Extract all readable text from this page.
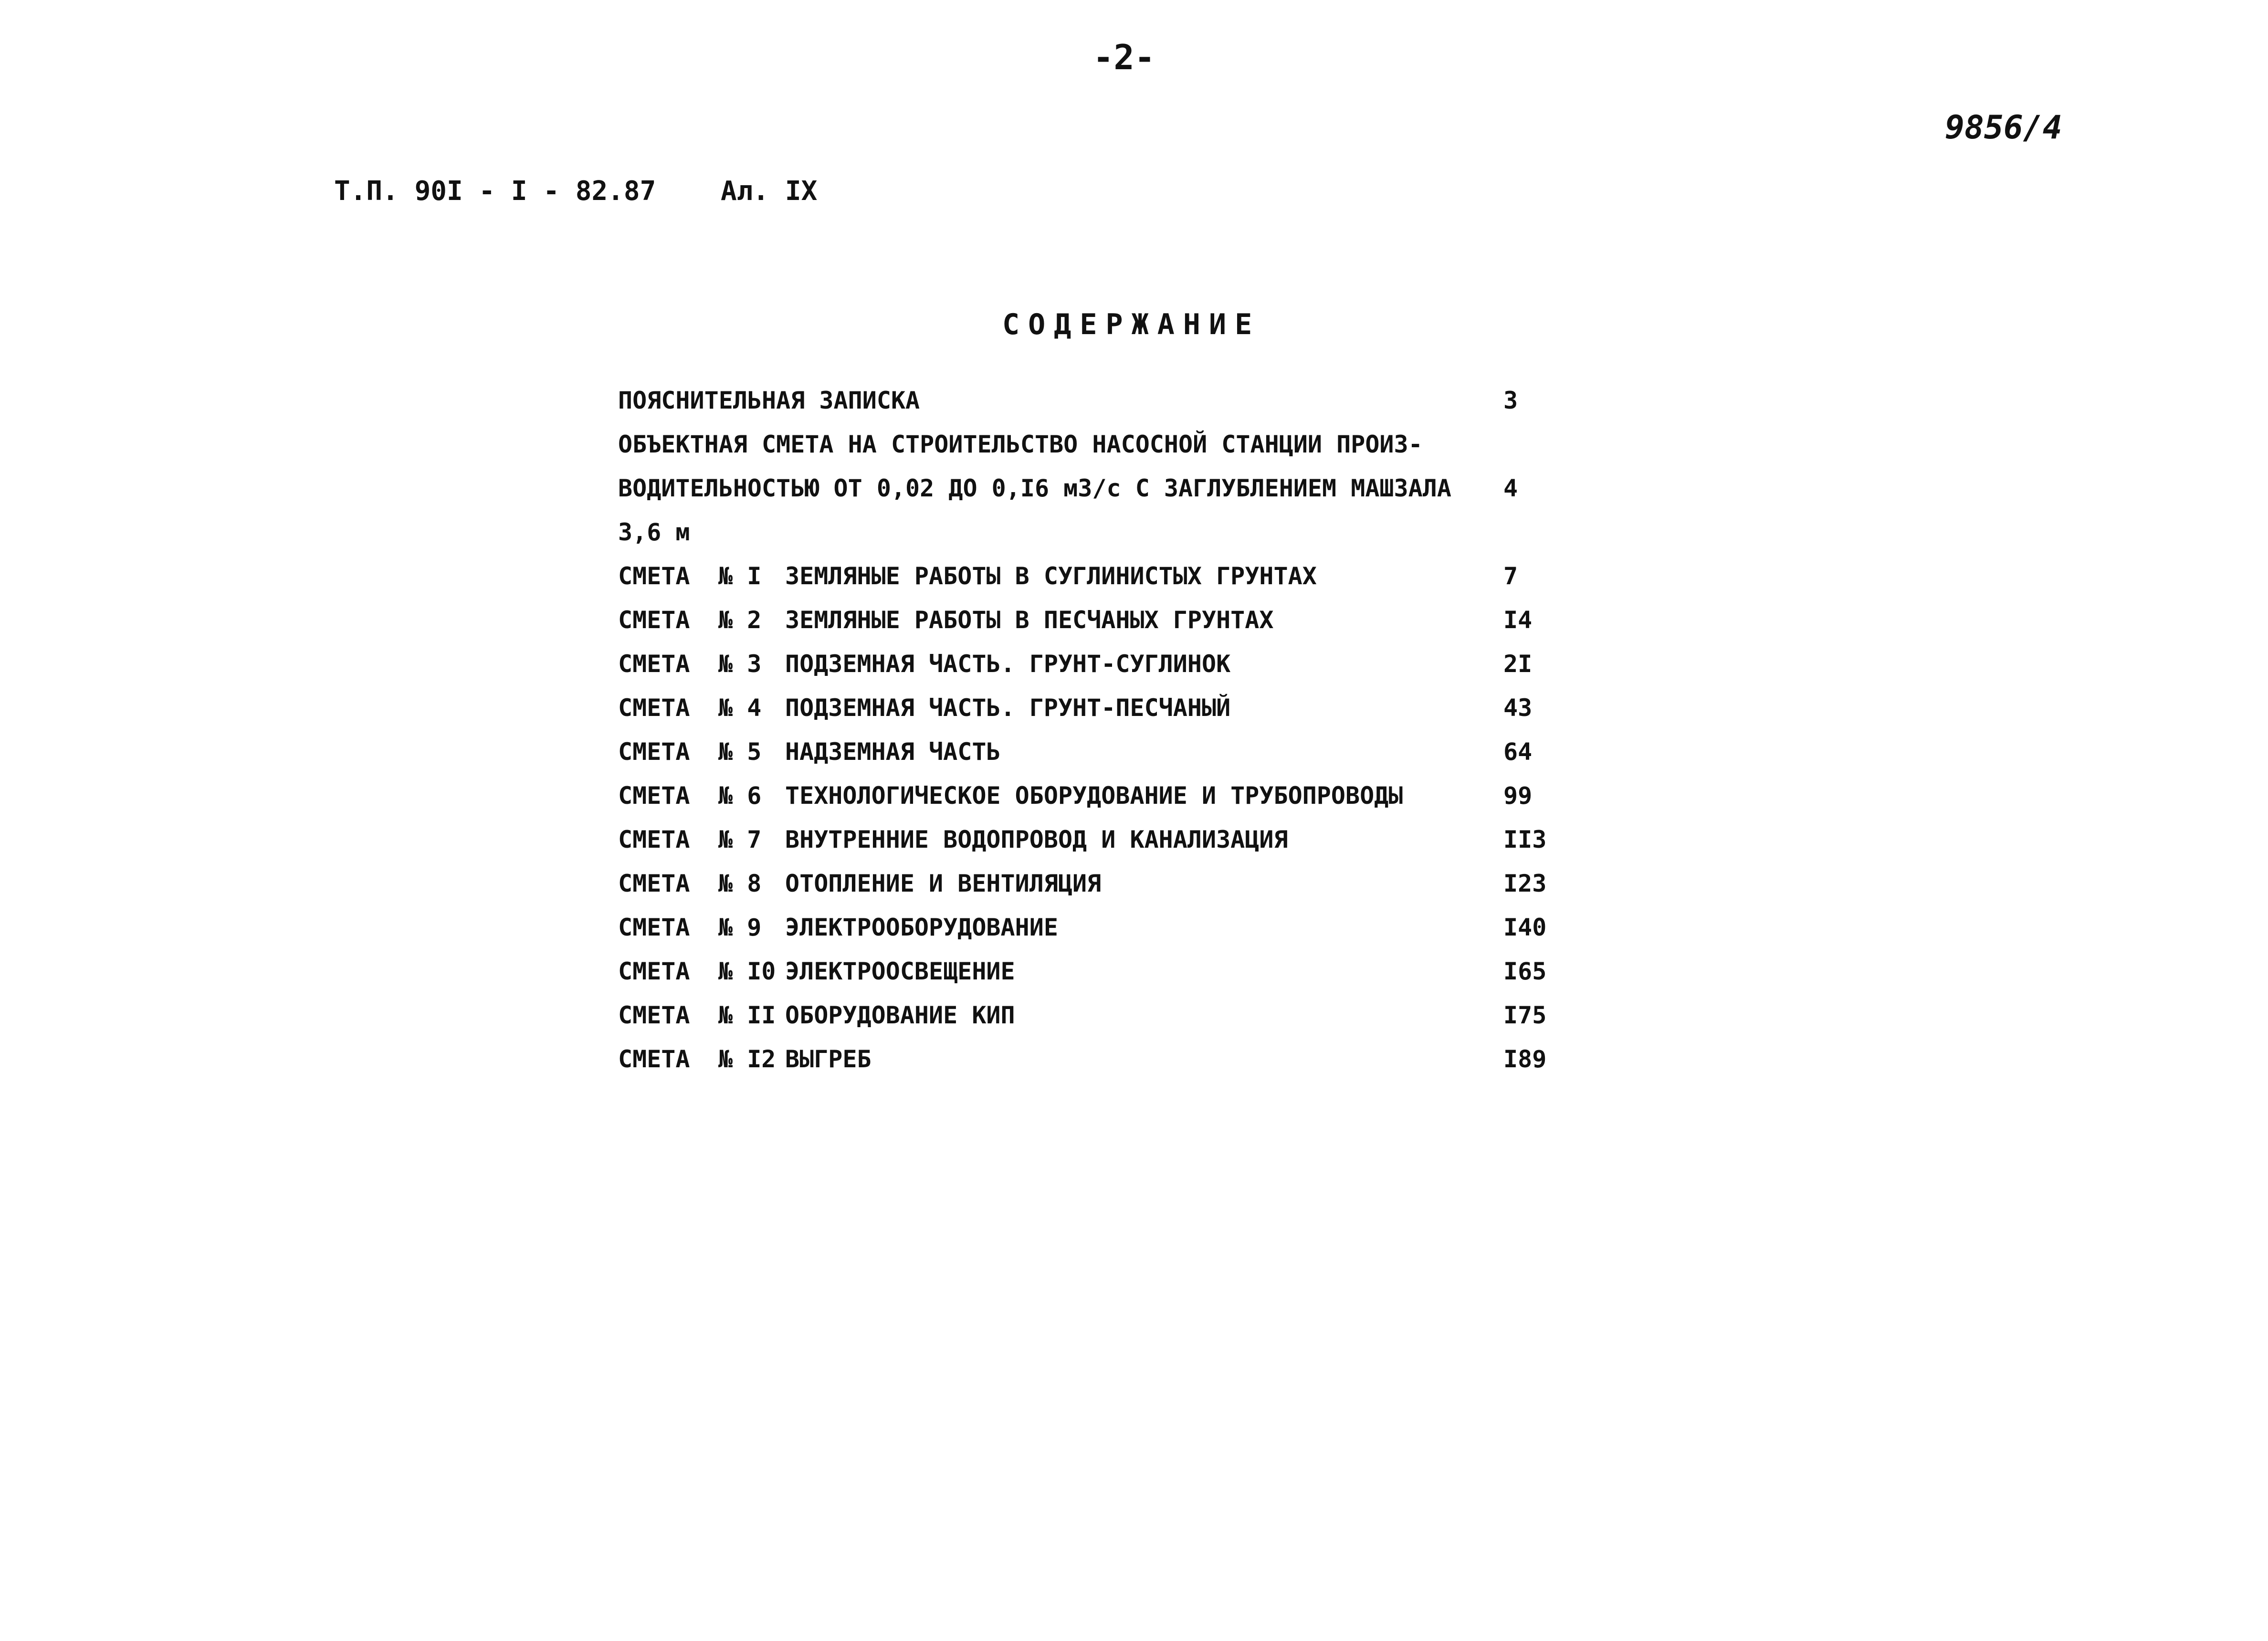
-2-
9856/4
Т.П. 90I - I - 82.87 Ал. IX
СОДЕРЖАНИЕ
ПОЯСНИТЕЛЬНАЯ ЗАПИСКА	3
ОБЪЕКТНАЯ СМЕТА НА СТРОИТЕЛЬСТВО НАСОСНОЙ СТАНЦИИ ПРОИЗ-
ВОДИТЕЛЬНОСТЬЮ ОТ 0,02 ДО 0,I6 м3/с С ЗАГЛУБЛЕНИЕМ МАШЗАЛА 4
3,6 м
СМЕТА № I ЗЕМЛЯНЫЕ РАБОТЫ В СУГЛИНИСТЫХ ГРУНТАХ	7
СМЕТА № 2 ЗЕМЛЯНЫЕ РАБОТЫ В ПЕСЧАНЫХ ГРУНТАХ	I4
СМЕТА № 3 ПОДЗЕМНАЯ ЧАСТЬ. ГРУНТ-СУГЛИНОК	2I
СМЕТА № 4 ПОДЗЕМНАЯ ЧАСТЬ. ГРУНТ-ПЕСЧАНЫЙ	43
СМЕТА № 5 НАДЗЕМНАЯ ЧАСТЬ	64
СМЕТА № 6 ТЕХНОЛОГИЧЕСКОЕ ОБОРУДОВАНИЕ И ТРУБОПРОВОДЫ	99
СМЕТА № 7 ВНУТРЕННИЕ ВОДОПРОВОД И КАНАЛИЗАЦИЯ	II3
СМЕТА № 8 ОТОПЛЕНИЕ И ВЕНТИЛЯЦИЯ	I23
СМЕТА № 9 ЭЛЕКТРООБОРУДОВАНИЕ	I40
СМЕТА № I0 ЭЛЕКТРООСВЕЩЕНИЕ	I65
СМЕТА № II ОБОРУДОВАНИЕ КИП	I75
СМЕТА № I2 ВЫГРЕБ	I89
